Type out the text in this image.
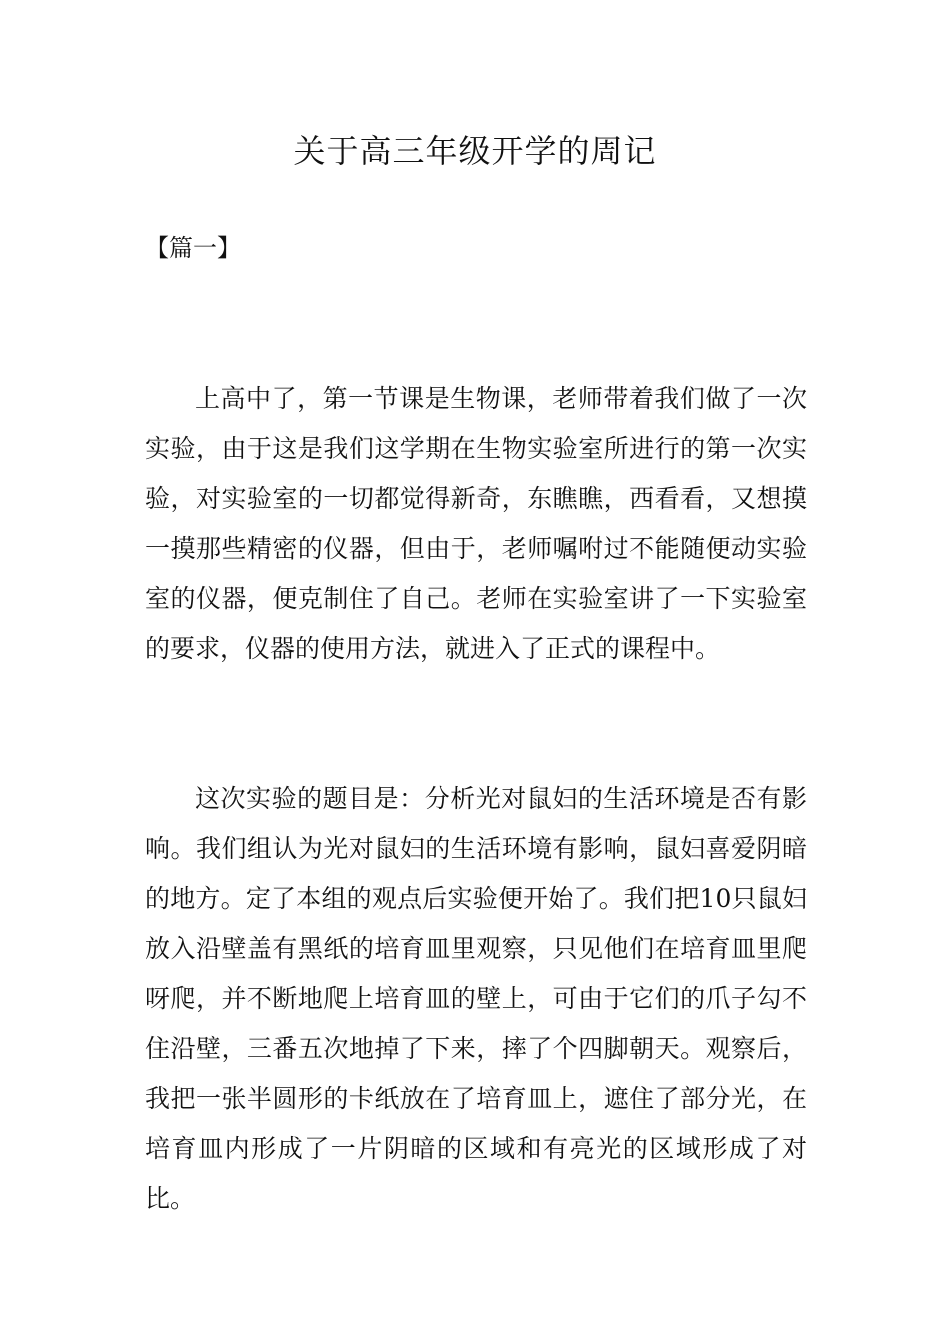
关于高三年级开学的周记

【篇一】

上高中了，第一节课是生物课，老师带着我们做了一次实验，由于这是我们这学期在生物实验室所进行的第一次实验，对实验室的一切都觉得新奇，东瞧瞧，西看看，又想摸一摸那些精密的仪器，但由于，老师嘱咐过不能随便动实验室的仪器，便克制住了自己。老师在实验室讲了一下实验室的要求，仪器的使用方法，就进入了正式的课程中。

这次实验的题目是：分析光对鼠妇的生活环境是否有影响。我们组认为光对鼠妇的生活环境有影响，鼠妇喜爱阴暗的地方。定了本组的观点后实验便开始了。我们把10只鼠妇放入沿壁盖有黑纸的培育皿里观察，只见他们在培育皿里爬呀爬，并不断地爬上培育皿的壁上，可由于它们的爪子勾不住沿壁，三番五次地掉了下来，摔了个四脚朝天。观察后，我把一张半圆形的卡纸放在了培育皿上，遮住了部分光，在培育皿内形成了一片阴暗的区域和有亮光的区域形成了对比。
